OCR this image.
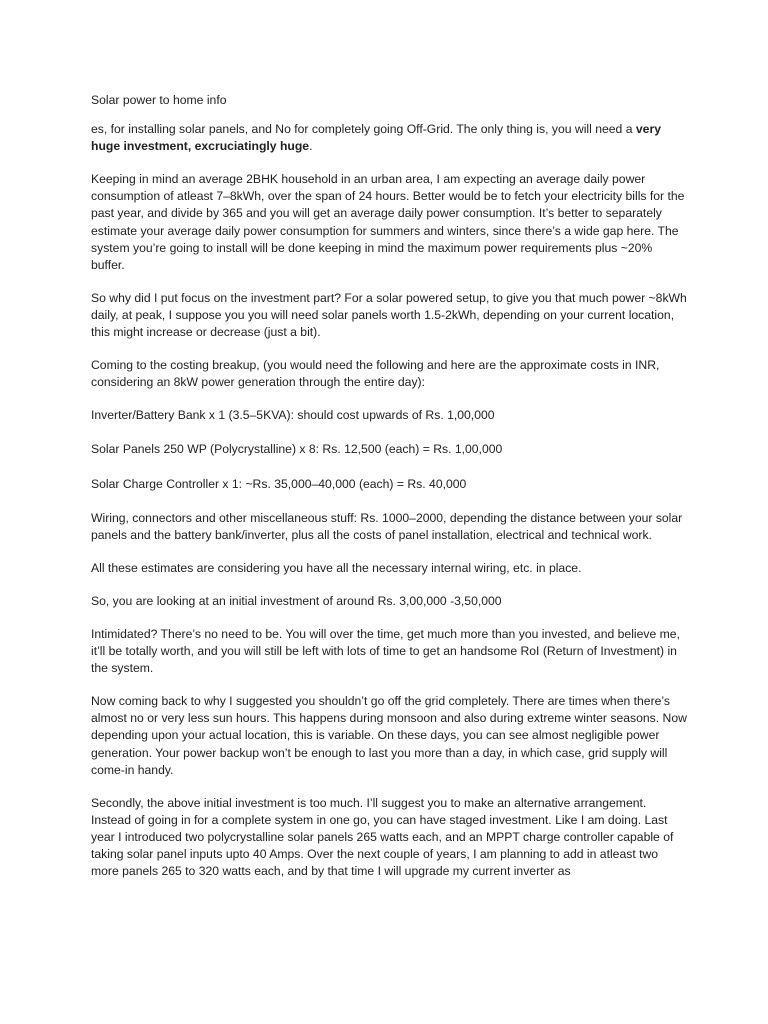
Solar power to home info

es, for installing solar panels, and No for completely going Off-Grid. The only thing is, you will need a very huge investment, excruciatingly huge.

Keeping in mind an average 2BHK household in an urban area, I am expecting an average daily power consumption of atleast 7–8kWh, over the span of 24 hours. Better would be to fetch your electricity bills for the past year, and divide by 365 and you will get an average daily power consumption. It’s better to separately estimate your average daily power consumption for summers and winters, since there’s a wide gap here. The system you’re going to install will be done keeping in mind the maximum power requirements plus ~20% buffer.

So why did I put focus on the investment part? For a solar powered setup, to give you that much power ~8kWh daily, at peak, I suppose you you will need solar panels worth 1.5-2kWh, depending on your current location, this might increase or decrease (just a bit).

Coming to the costing breakup, (you would need the following and here are the approximate costs in INR, considering an 8kW power generation through the entire day):

Inverter/Battery Bank x 1 (3.5–5KVA): should cost upwards of Rs. 1,00,000

Solar Panels 250 WP (Polycrystalline) x 8: Rs. 12,500 (each) = Rs. 1,00,000

Solar Charge Controller x 1: ~Rs. 35,000–40,000 (each) = Rs. 40,000

Wiring, connectors and other miscellaneous stuff: Rs. 1000–2000, depending the distance between your solar panels and the battery bank/inverter, plus all the costs of panel installation, electrical and technical work.

All these estimates are considering you have all the necessary internal wiring, etc. in place.

So, you are looking at an initial investment of around Rs. 3,00,000 -3,50,000

Intimidated? There’s no need to be. You will over the time, get much more than you invested, and believe me, it’ll be totally worth, and you will still be left with lots of time to get an handsome RoI (Return of Investment) in the system.

Now coming back to why I suggested you shouldn’t go off the grid completely. There are times when there’s almost no or very less sun hours. This happens during monsoon and also during extreme winter seasons. Now depending upon your actual location, this is variable. On these days, you can see almost negligible power generation. Your power backup won’t be enough to last you more than a day, in which case, grid supply will come-in handy.

Secondly, the above initial investment is too much. I’ll suggest you to make an alternative arrangement. Instead of going in for a complete system in one go, you can have staged investment. Like I am doing. Last year I introduced two polycrystalline solar panels 265 watts each, and an MPPT charge controller capable of taking solar panel inputs upto 40 Amps. Over the next couple of years, I am planning to add in atleast two more panels 265 to 320 watts each, and by that time I will upgrade my current inverter as
